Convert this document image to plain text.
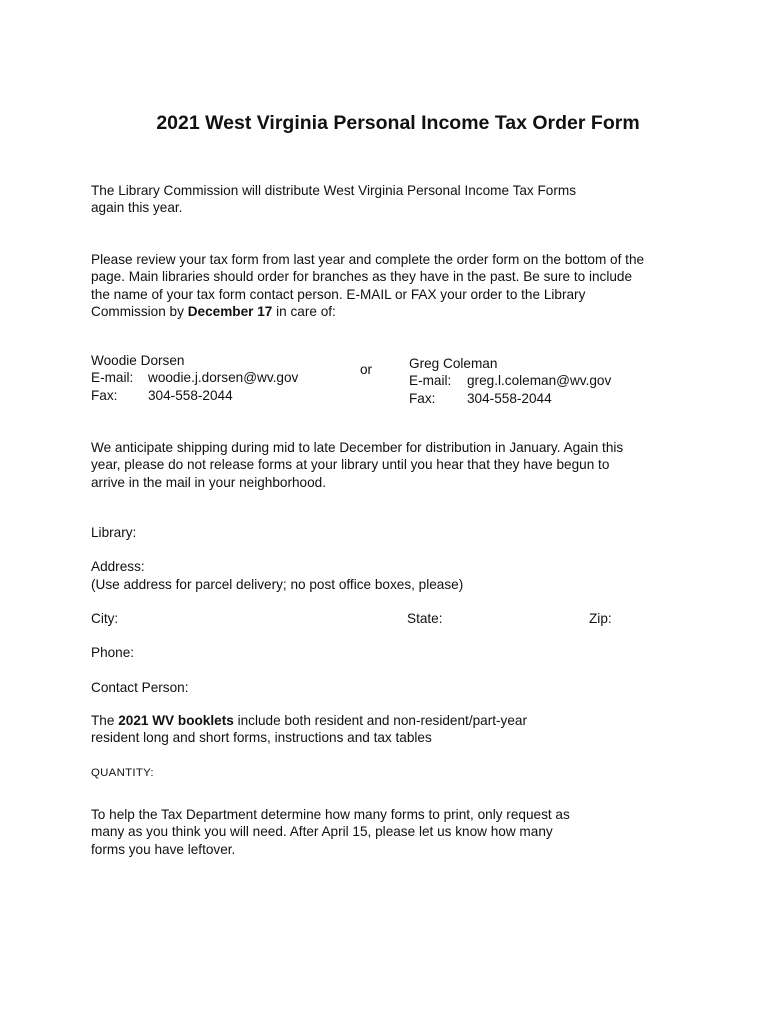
2021 West Virginia Personal Income Tax Order Form
The Library Commission will distribute West Virginia Personal Income Tax Forms
again this year.
Please review your tax form from last year and complete the order form on the bottom of the
page. Main libraries should order for branches as they have in the past. Be sure to include
the name of your tax form contact person. E-MAIL or FAX your order to the Library
Commission by December 17 in care of:
Woodie Dorsen
E-mail: woodie.j.dorsen@wv.gov
Fax: 304-558-2044
or	Greg Coleman
E-mail: greg.l.coleman@wv.gov
Fax: 304-558-2044
We anticipate shipping during mid to late December for distribution in January. Again this
year, please do not release forms at your library until you hear that they have begun to
arrive in the mail in your neighborhood.
Library:
Address:
(Use address for parcel delivery; no post office boxes, please)
City:	State:	Zip:
Phone:
Contact Person:
The 2021 WV booklets include both resident and non-resident/part-year
resident long and short forms, instructions and tax tables
QUANTITY:
To help the Tax Department determine how many forms to print, only request as
many as you think you will need. After April 15, please let us know how many
forms you have leftover.
